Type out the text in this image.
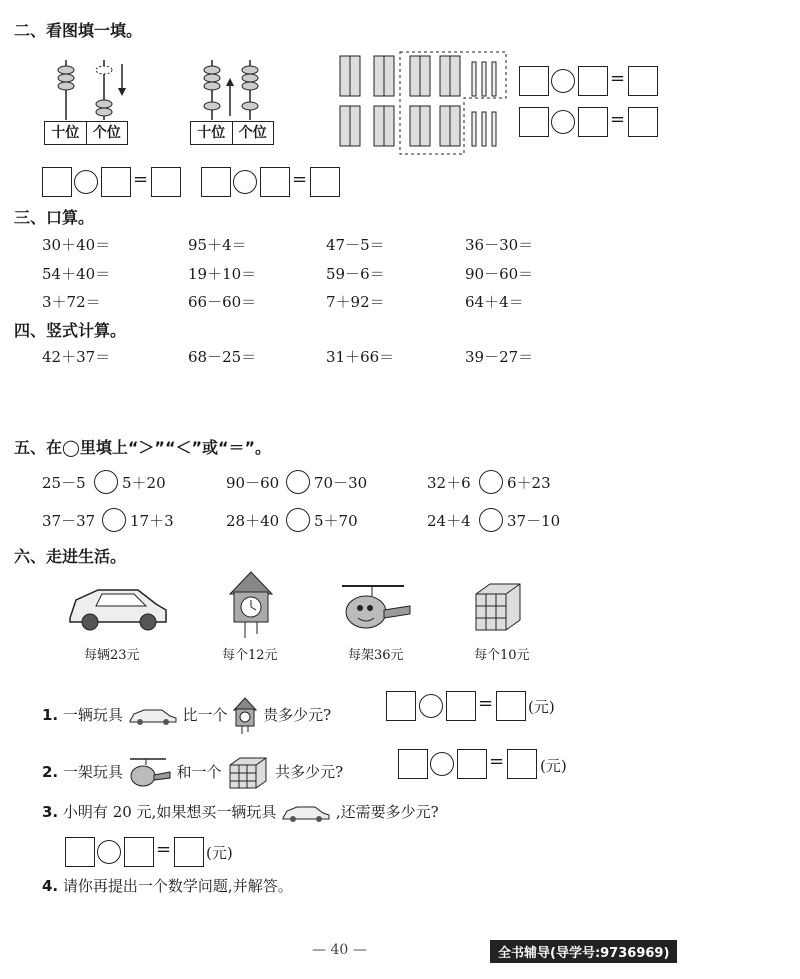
二、看图填一填。
十位 个位	十位 个位
=
=
=	=
三、口算。
30＋40＝	95＋4＝	47－5＝	36－30＝
54＋40＝	19＋10＝	59－6＝	90－60＝
3＋72＝	66－60＝	7＋92＝	64＋4＝
四、竖式计算。
42＋37＝	68－25＝	31＋66＝	39－27＝
五、在◯里填上“＞”“＜”或“＝”。
25－5 5＋20	90－60 70－30	32＋6 6＋23
37－37 17＋3	28＋40 5＋70	24＋4 37－10
六、走进生活。
每辆23元	每个12元	每架36元	每个10元
1. 一辆玩具	比一个 贵多少元?
= (元)
2. 一架玩具	和一个	共多少元?	= (元)
3. 小明有 20 元,如果想买一辆玩具	,还需要多少元?
= (元)
4. 请你再提出一个数学问题,并解答。
— 40 —	全书辅导(导学号:9736969)
